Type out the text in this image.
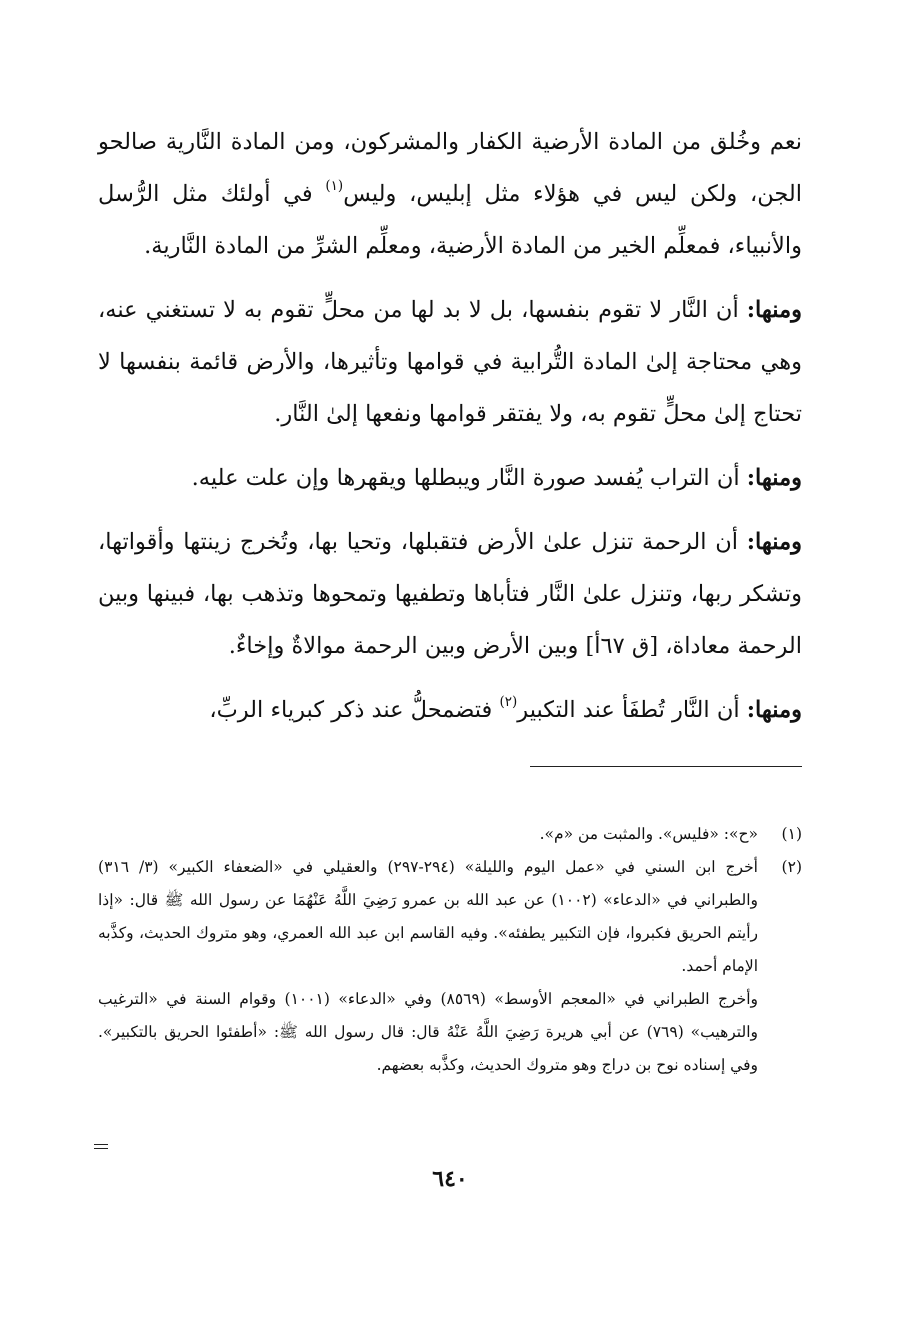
نعم وخُلق من المادة الأرضية الكفار والمشركون، ومن المادة النَّارية صالحو الجن، ولكن ليس في هؤلاء مثل إبليس، وليس$^{(١)}$ في أولئك مثل الرُّسل والأنبياء، فمعلِّم الخير من المادة الأرضية، ومعلِّم الشرِّ من المادة النَّارية.

ومنها: أن النَّار لا تقوم بنفسها، بل لا بد لها من محلٍّ تقوم به لا تستغني عنه، وهي محتاجة إلىٰ المادة التُّرابية في قوامها وتأثيرها، والأرض قائمة بنفسها لا تحتاج إلىٰ محلٍّ تقوم به، ولا يفتقر قوامها ونفعها إلىٰ النَّار.

ومنها: أن التراب يُفسد صورة النَّار ويبطلها ويقهرها وإن علت عليه.

ومنها: أن الرحمة تنزل علىٰ الأرض فتقبلها، وتحيا بها، وتُخرج زينتها وأقواتها، وتشكر ربها، وتنزل علىٰ النَّار فتأباها وتطفيها وتمحوها وتذهب بها، فبينها وبين الرحمة معاداة، [ق ٦٧أ] وبين الأرض وبين الرحمة موالاةٌ وإخاءٌ.

ومنها: أن النَّار تُطفَأ عند التكبير$^{(٢)}$ فتضمحلُّ عند ذكر كبرياء الربِّ،

(١)
«ح»: «فليس». والمثبت من «م».
(٢)
أخرج ابن السني في «عمل اليوم والليلة» (٢٩٤-٢٩٧) والعقيلي في «الضعفاء الكبير» (٣/ ٣١٦) والطبراني في «الدعاء» (١٠٠٢) عن عبد الله بن عمرو رَضِيَ اللَّهُ عَنْهُمَا عن رسول الله ﷺ قال: «إذا رأيتم الحريق فكبروا، فإن التكبير يطفئه». وفيه القاسم ابن عبد الله العمري، وهو متروك الحديث، وكذَّبه الإمام أحمد.

وأخرج الطبراني في «المعجم الأوسط» (٨٥٦٩) وفي «الدعاء» (١٠٠١) وقوام السنة في «الترغيب والترهيب» (٧٦٩) عن أبي هريرة رَضِيَ اللَّهُ عَنْهُ قال: قال رسول الله ﷺ: «أطفئوا الحريق بالتكبير». وفي إسناده نوح بن دراج وهو متروك الحديث، وكذَّبه بعضهم.

٦٤٠
